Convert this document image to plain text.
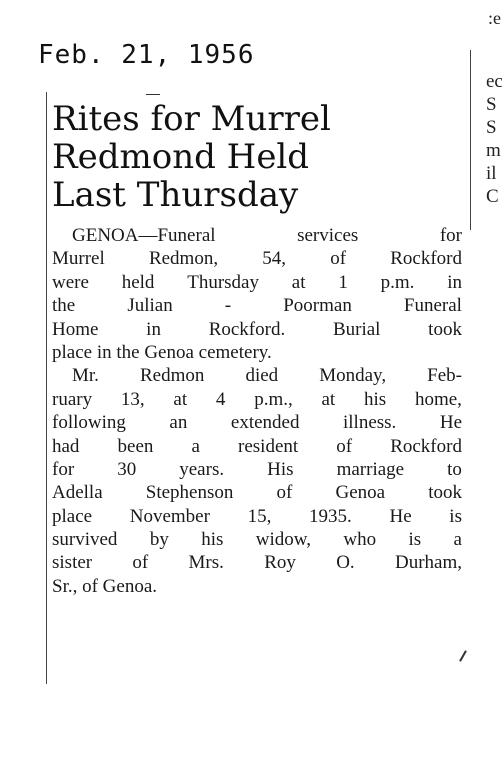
:e
Feb. 21, 1956
ec
S
S
m
il
C
Rites for Murrel
Redmond Held
Last Thursday
GENOA—Funeral	services	for
Murrel Redmon, 54, of Rockford
were held Thursday at 1 p.m. in
the	Julian	-	Poorman	Funeral
Home	in	Rockford.	Burial	took
place in the Genoa cemetery.
Mr. Redmon died Monday, Feb-
ruary 13, at 4 p.m., at his home,
following an extended illness. He
had been a resident of Rockford
for 30 years. His marriage to
Adella Stephenson of Genoa took
place November 15, 1935. He is
survived by his widow, who is a
sister of Mrs. Roy O. Durham,
Sr., of Genoa.
